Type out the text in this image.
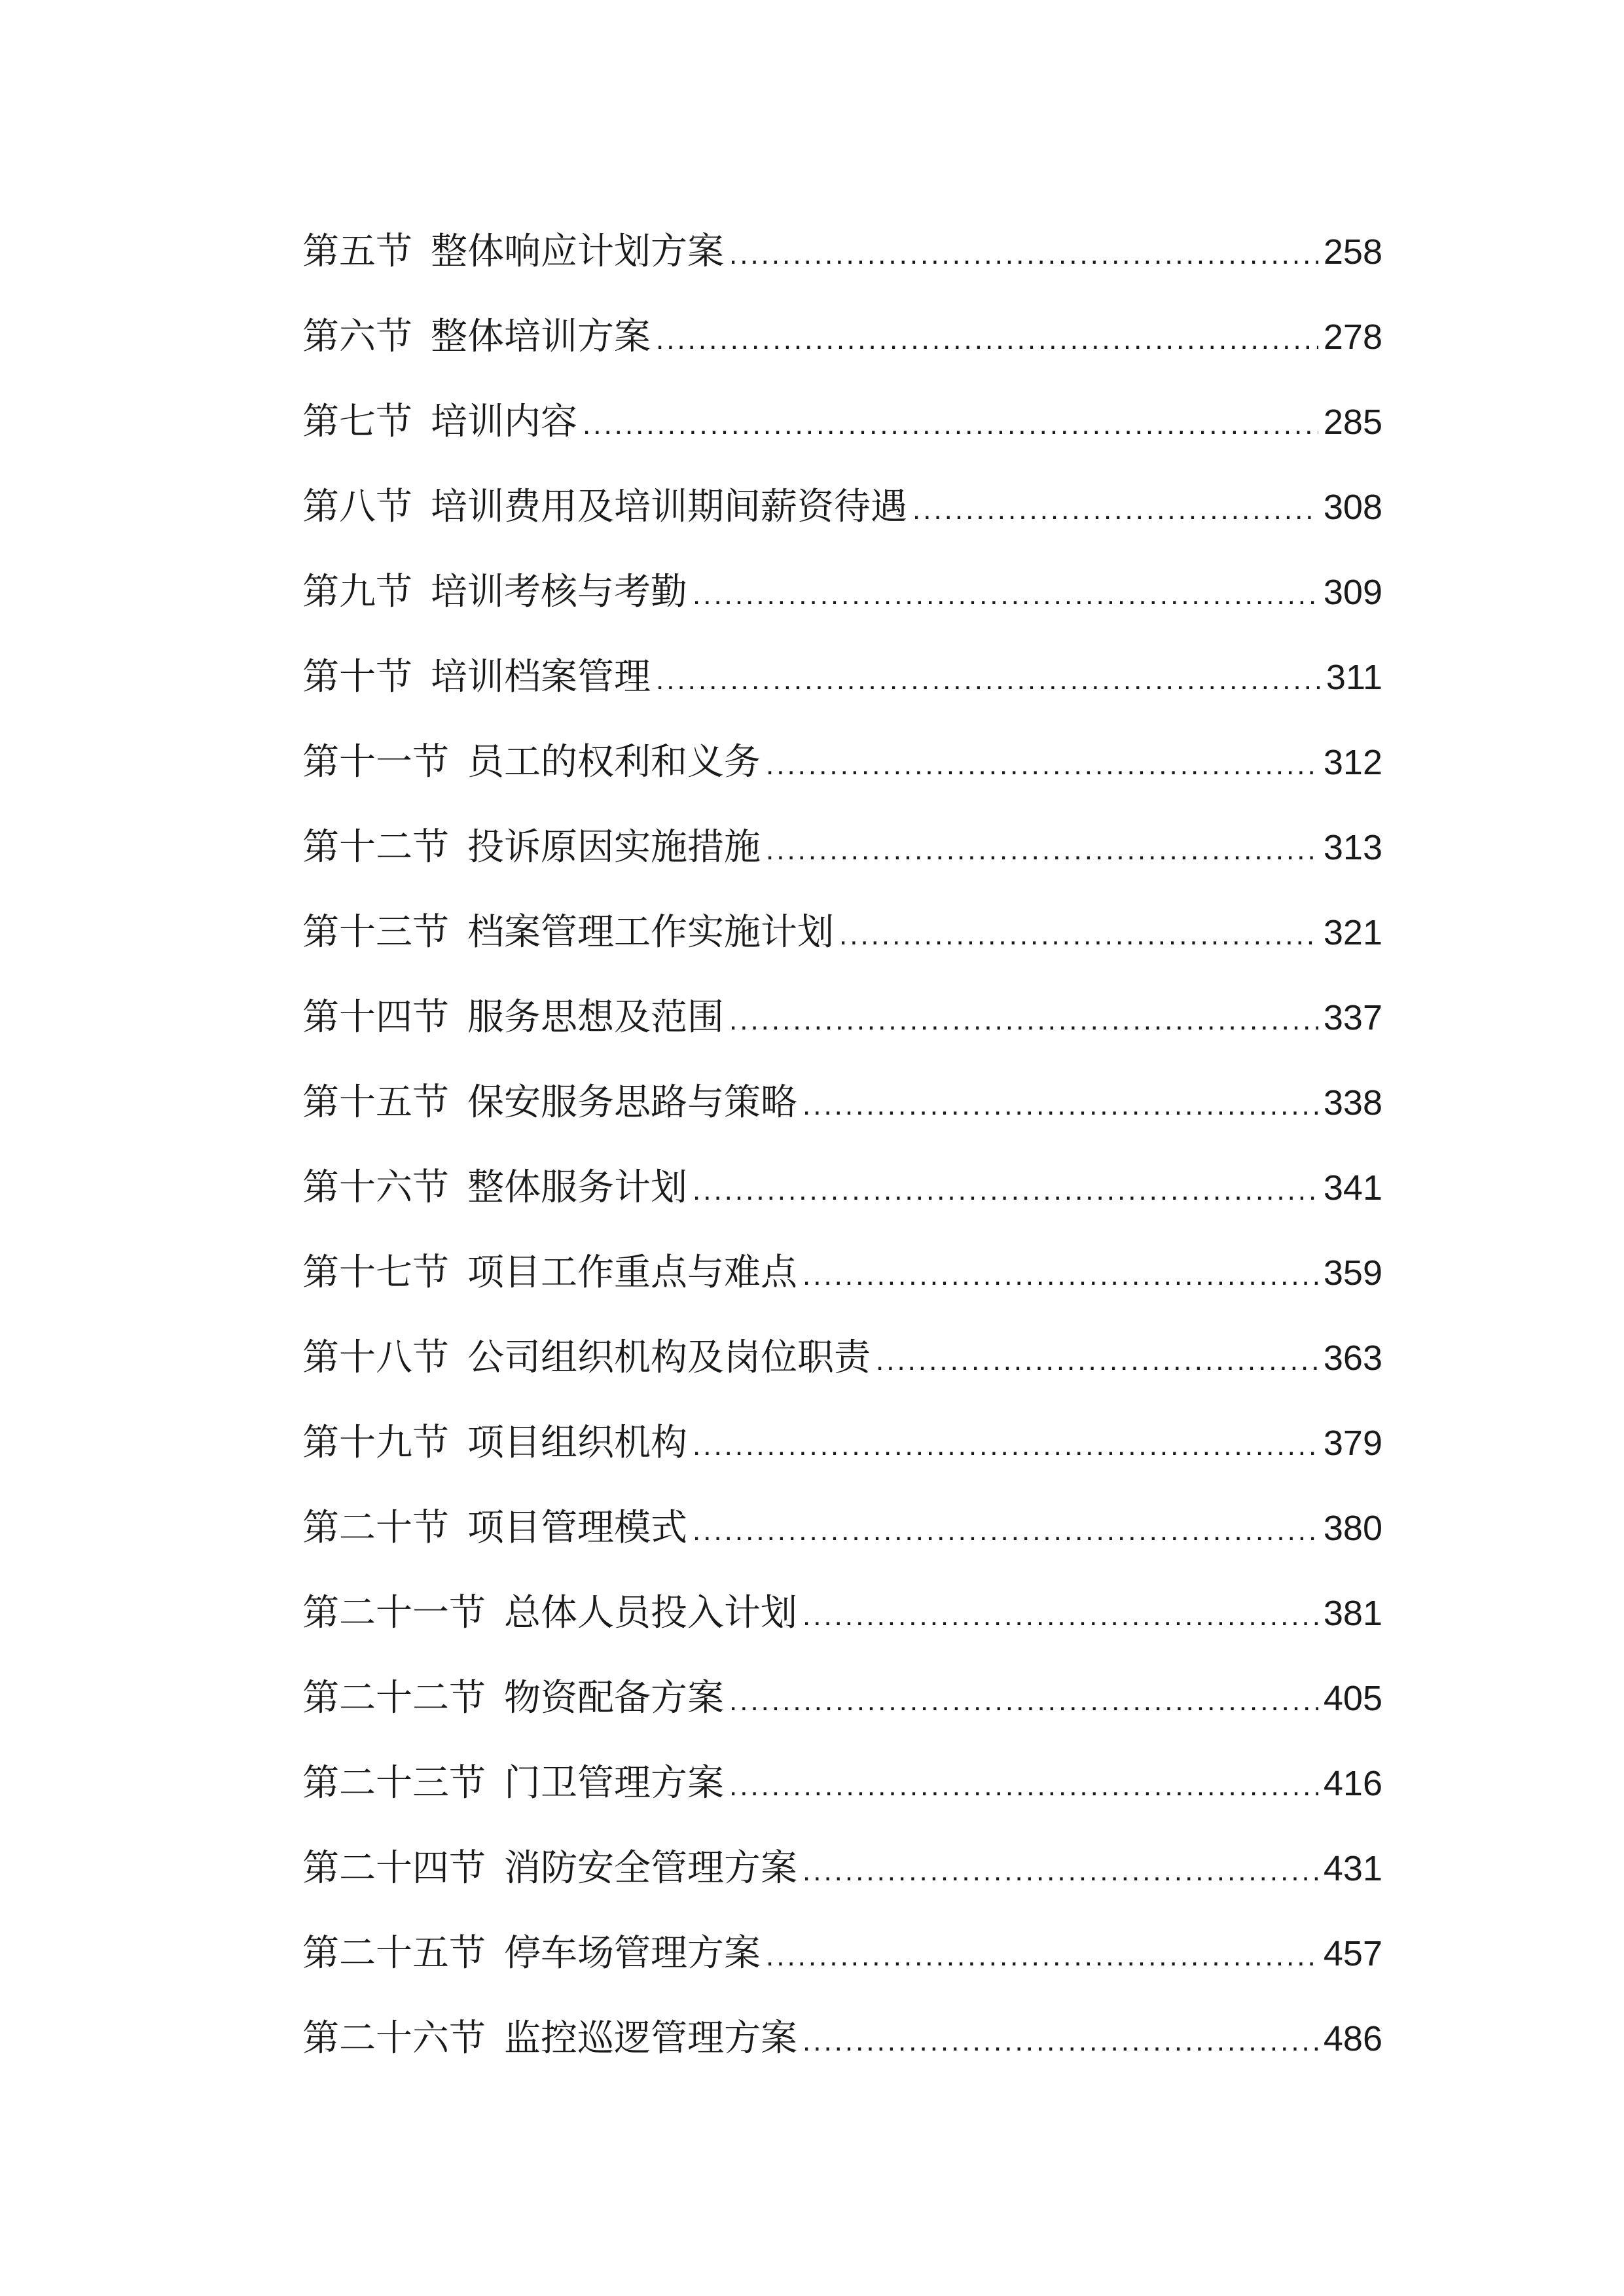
第五节 整体响应计划方案 .....	258
第六节 整体培训方案 .....	278
第七节 培训内容 .....	285
第八节 培训费用及培训期间薪资待遇 .....	308
第九节 培训考核与考勤 .....	309
第十节 培训档案管理 .....	311
第十一节 员工的权利和义务 .....	312
第十二节 投诉原因实施措施 .....	313
第十三节 档案管理工作实施计划 .....	321
第十四节 服务思想及范围 .....	337
第十五节 保安服务思路与策略 .....	338
第十六节 整体服务计划 .....	341
第十七节 项目工作重点与难点 .....	359
第十八节 公司组织机构及岗位职责 .....	363
第十九节 项目组织机构 .....	379
第二十节 项目管理模式 .....	380
第二十一节 总体人员投入计划 .....	381
第二十二节 物资配备方案 .....	405
第二十三节 门卫管理方案 .....	416
第二十四节 消防安全管理方案 .....	431
第二十五节 停车场管理方案 .....	457
第二十六节 监控巡逻管理方案 .....	486
